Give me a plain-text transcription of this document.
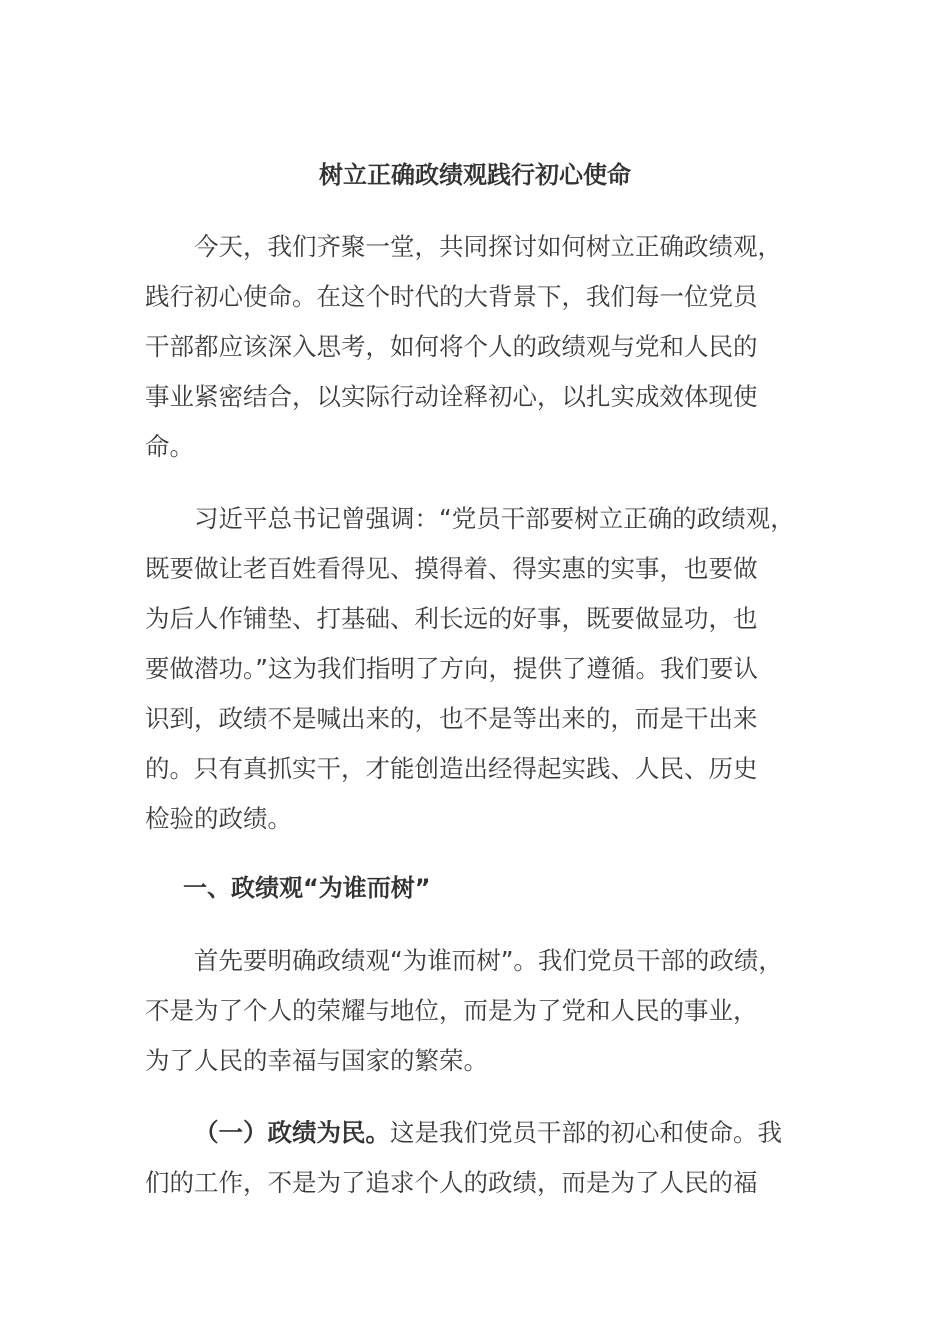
树立正确政绩观践行初心使命
今天，我们齐聚一堂，共同探讨如何树立正确政绩观，
践行初心使命。在这个时代的大背景下，我们每一位党员
干部都应该深入思考，如何将个人的政绩观与党和人民的
事业紧密结合，以实际行动诠释初心，以扎实成效体现使
命。
习近平总书记曾强调：“党员干部要树立正确的政绩观，
既要做让老百姓看得见、摸得着、得实惠的实事，也要做
为后人作铺垫、打基础、利长远的好事，既要做显功，也
要做潜功。”这为我们指明了方向，提供了遵循。我们要认
识到，政绩不是喊出来的，也不是等出来的，而是干出来
的。只有真抓实干，才能创造出经得起实践、人民、历史
检验的政绩。
一、政绩观“为谁而树”
首先要明确政绩观“为谁而树”。我们党员干部的政绩，
不是为了个人的荣耀与地位，而是为了党和人民的事业，
为了人民的幸福与国家的繁荣。
（一）政绩为民。这是我们党员干部的初心和使命。我
们的工作，不是为了追求个人的政绩，而是为了人民的福
